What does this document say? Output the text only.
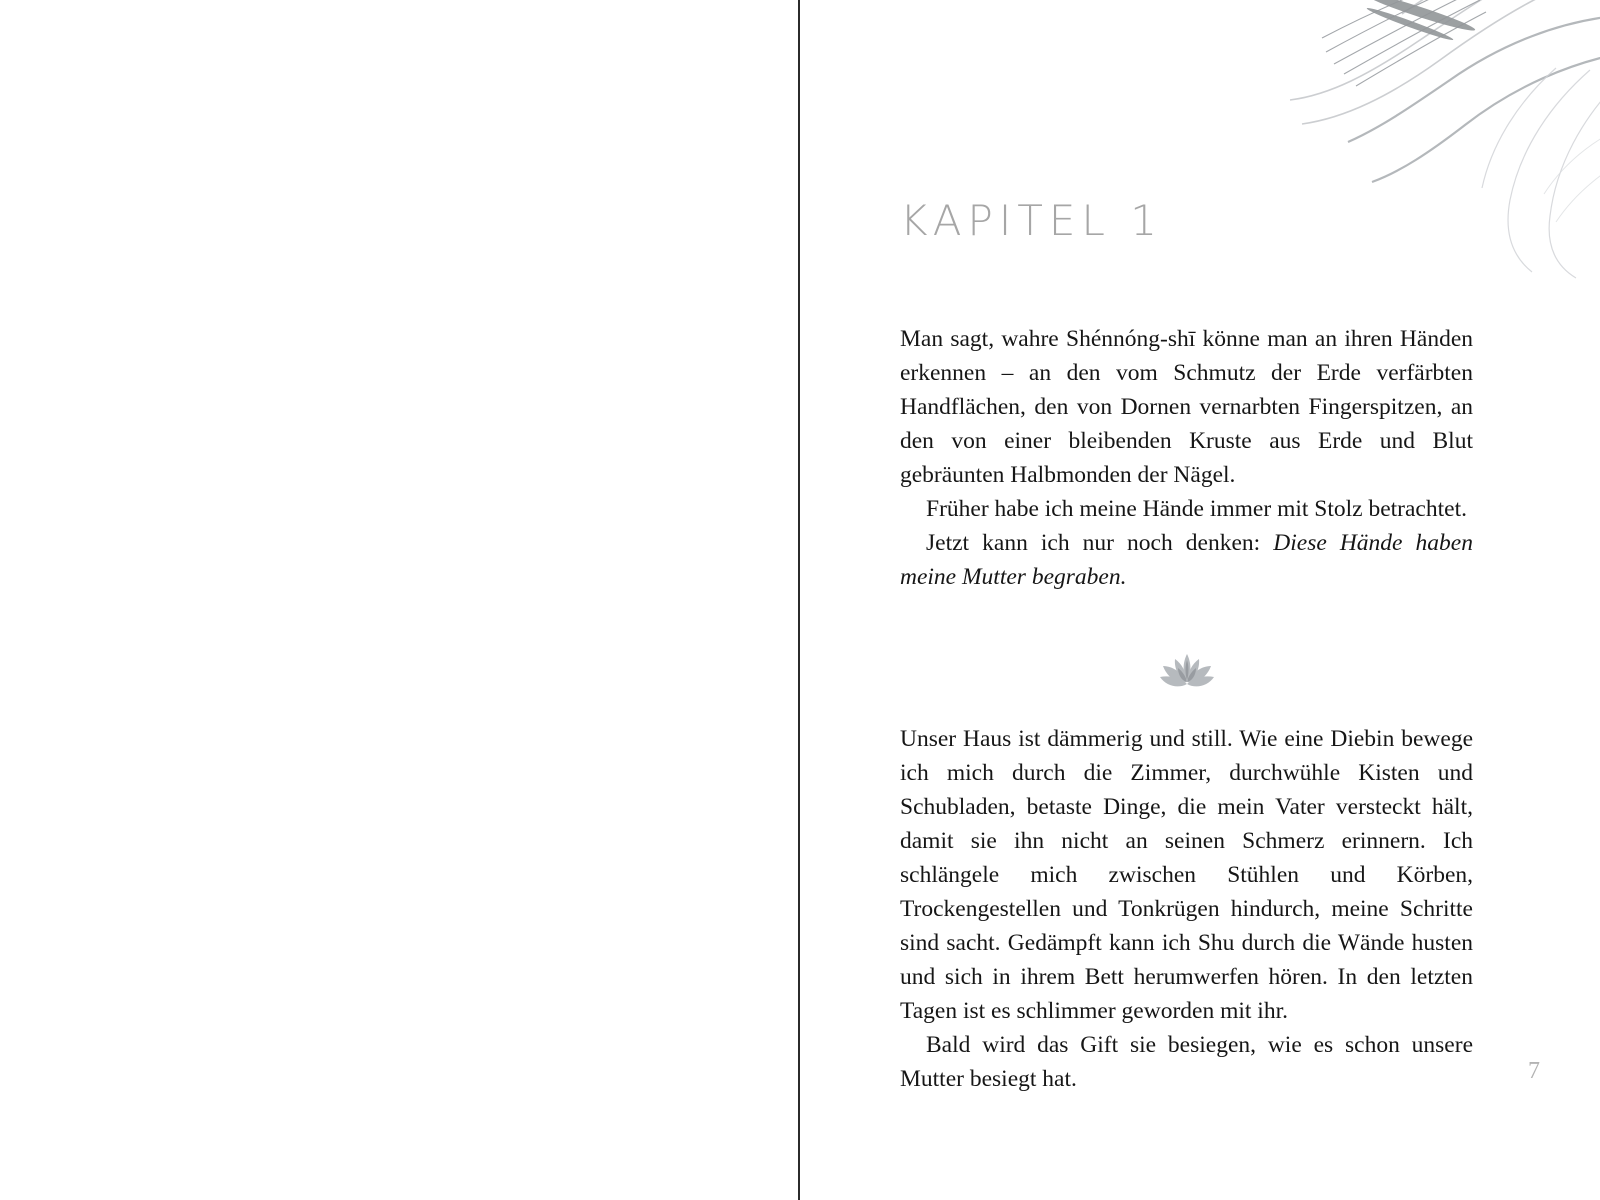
KAPITEL 1

Man sagt, wahre Shénnóng-shī könne man an ihren Händen erkennen – an den vom Schmutz der Erde verfärbten Handflächen, den von Dornen vernarbten Fingerspitzen, an den von einer bleibenden Kruste aus Erde und Blut gebräunten Halbmonden der Nägel.

Früher habe ich meine Hände immer mit Stolz betrachtet.

Jetzt kann ich nur noch denken: Diese Hände haben meine Mutter begraben.

Unser Haus ist dämmerig und still. Wie eine Diebin bewege ich mich durch die Zimmer, durchwühle Kisten und Schubladen, betaste Dinge, die mein Vater versteckt hält, damit sie ihn nicht an seinen Schmerz erinnern. Ich schlängele mich zwischen Stühlen und Körben, Trockengestellen und Tonkrügen hindurch, meine Schritte sind sacht. Gedämpft kann ich Shu durch die Wände husten und sich in ihrem Bett herumwerfen hören. In den letzten Tagen ist es schlimmer geworden mit ihr.

Bald wird das Gift sie besiegen, wie es schon unsere Mutter besiegt hat.	7
